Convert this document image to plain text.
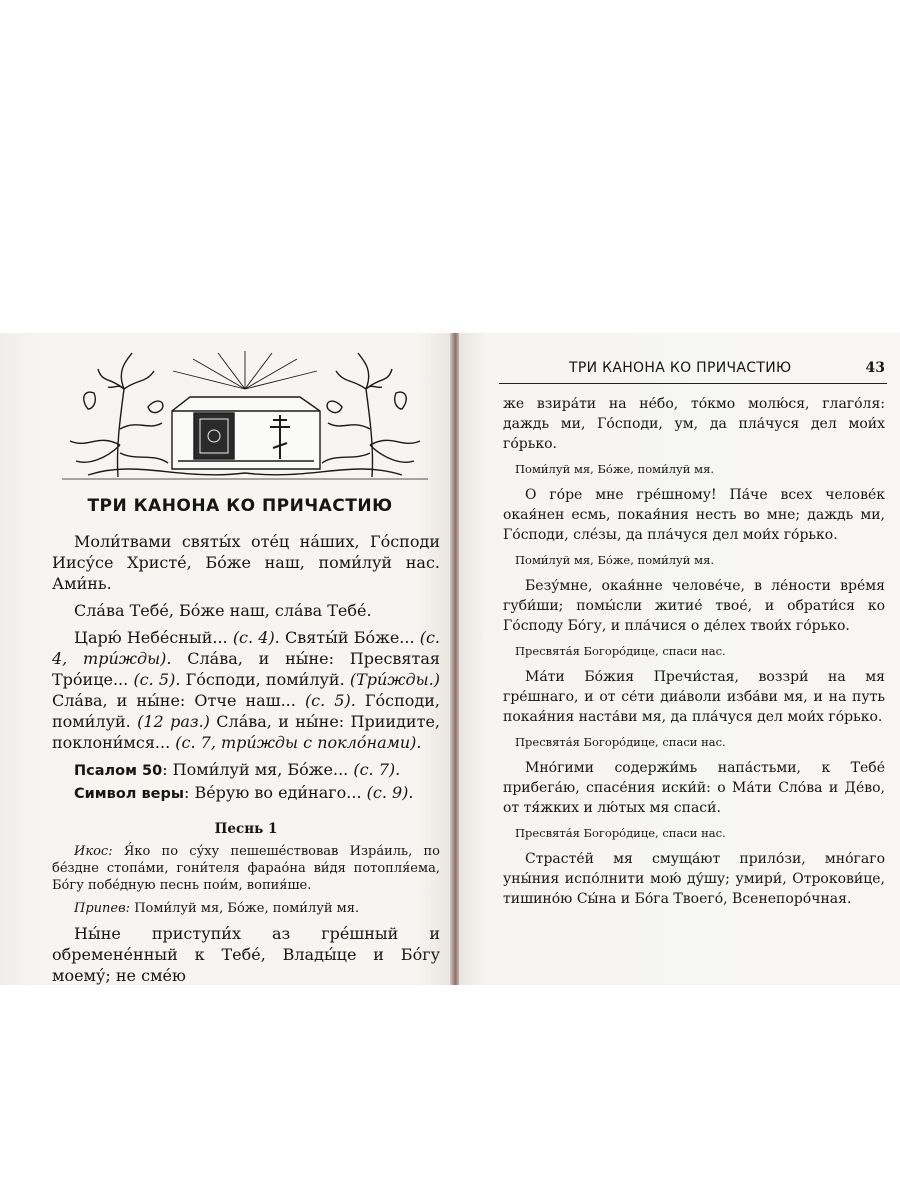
ТРИ КАНОНА КО ПРИЧАСТИЮ

Моли́твами святы́х оте́ц на́ших, Го́споди Иису́се Христе́, Бо́же наш, поми́луй нас. Ами́нь.

Сла́ва Тебе́, Бо́же наш, сла́ва Тебе́.

Царю́ Небе́сный... (с. 4). Святы́й Бо́же... (с. 4, три́жды). Сла́ва, и ны́не: Пресвятая Тро́ице... (с. 5). Го́споди, поми́луй. (Три́жды.) Сла́ва, и ны́не: Отче наш... (с. 5). Го́споди, поми́луй. (12 раз.) Сла́ва, и ны́не: Приидите, поклони́мся... (с. 7, три́жды с покло́нами).

Псалом 50: Поми́луй мя, Бо́же... (с. 7).

Символ веры: Ве́рую во еди́наго... (с. 9).

Песнь 1

Икос: Я́ко по су́ху пешеше́ствовав Изра́иль, по бе́здне стопа́ми, гони́теля фарао́на ви́дя потопля́ема, Бо́гу побе́дную песнь пои́м, вопия́ше.

Припев: Поми́луй мя, Бо́же, поми́луй мя.

Ны́не приступи́х аз гре́шный и обремене́нный к Тебе́, Влады́це и Бо́гу моему́; не сме́ю

ТРИ КАНОНА КО ПРИЧАСТИЮ	43

же взира́ти на не́бо, то́кмо молю́ся, глаго́ля: даждь ми, Го́споди, ум, да пла́чуся дел мои́х го́рько.

Поми́луй мя, Бо́же, поми́луй мя.

О го́ре мне гре́шному! Па́че всех челове́к окая́нен есмь, покая́ния несть во мне; даждь ми, Го́споди, слéзы, да пла́чуся дел мои́х го́рько.

Поми́луй мя, Бо́же, поми́луй мя.

Безу́мне, окая́нне челове́че, в ле́ности вре́мя губи́ши; помы́сли житие́ твое́, и обрати́ся ко Го́споду Бо́гу, и пла́чися о де́лех твои́х го́рько.

Пресвята́я Богоро́дице, спаси нас.

Ма́ти Бо́жия Пречи́стая, воззри́ на мя гре́шнаго, и от се́ти диа́воли изба́ви мя, и на путь покая́ния наста́ви мя, да пла́чуся дел мои́х го́рько.

Пресвята́я Богоро́дице, спаси нас.

Мно́гими содержи́мь напа́стьми, к Тебе́ прибега́ю, спасе́ния иски́й: о Ма́ти Сло́ва и Де́во, от тя́жких и лю́тых мя спаси́.

Пресвята́я Богоро́дице, спаси нас.

Страсте́й мя смуща́ют прило́зи, мно́гаго уны́ния испо́лнити мою́ ду́шу; умири́, Отрокови́це, тишино́ю Сы́на и Бо́га Твоего́, Всенепоро́чная.
